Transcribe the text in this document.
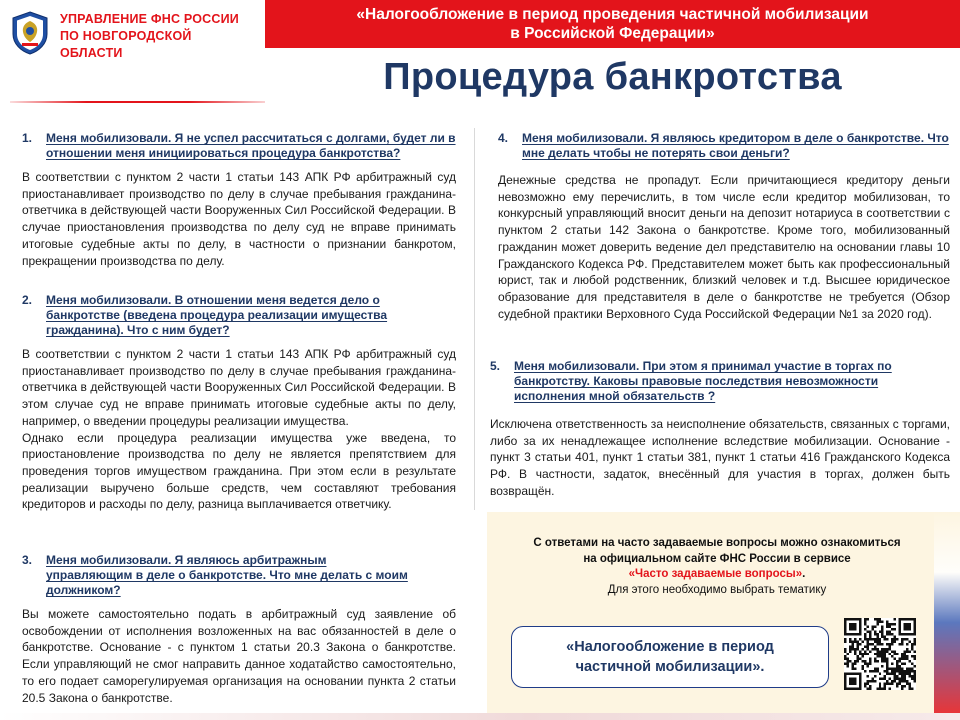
УПРАВЛЕНИЕ ФНС РОССИИ
ПО НОВГОРОДСКОЙ
ОБЛАСТИ
«Налогообложение в период проведения частичной мобилизации
в Российской Федерации»
Процедура банкротства
1.	Меня мобилизовали. Я не успел рассчитаться с долгами, будет ли в отношении меня инициироваться процедура банкротства?

В соответствии с пунктом 2 части 1 статьи 143 АПК РФ арбитражный суд приостанавливает производство по делу в случае пребывания гражданина-ответчика в действующей части Вооруженных Сил Российской Федерации. В случае приостановления производства по делу суд не вправе принимать итоговые судебные акты по делу, в частности о признании банкротом, прекращении производства по делу.

2.	Меня мобилизовали. В отношении меня ведется дело о банкротстве (введена процедура реализации имущества гражданина). Что с ним будет?

В соответствии с пунктом 2 части 1 статьи 143 АПК РФ арбитражный суд приостанавливает производство по делу в случае пребывания гражданина-ответчика в действующей части Вооруженных Сил Российской Федерации. В этом случае суд не вправе принимать итоговые судебные акты по делу, например, о введении процедуры реализации имущества.

Однако если процедура реализации имущества уже введена, то приостановление производства по делу не является препятствием для проведения торгов имуществом гражданина. При этом если в результате реализации выручено больше средств, чем составляют требования кредиторов и расходы по делу, разница выплачивается ответчику.

3.	Меня мобилизовали. Я являюсь арбитражным управляющим в деле о банкротстве. Что мне делать с моим должником?

Вы можете самостоятельно подать в арбитражный суд заявление об освобождении от исполнения возложенных на вас обязанностей в деле о банкротстве. Основание - с пунктом 1 статьи 20.3 Закона о банкротстве. Если управляющий не смог направить данное ходатайство самостоятельно, то его подает саморегулируемая организация на основании пункта 2 статьи 20.5 Закона о банкротстве.

4.	Меня мобилизовали. Я являюсь кредитором в деле о банкротстве. Что мне делать чтобы не потерять свои деньги?

Денежные средства не пропадут. Если причитающиеся кредитору деньги невозможно ему перечислить, в том числе если кредитор мобилизован, то конкурсный управляющий вносит деньги на депозит нотариуса в соответствии с пунктом 2 статьи 142 Закона о банкротстве. Кроме того, мобилизованный гражданин может доверить ведение дел представителю на основании главы 10 Гражданского Кодекса РФ. Представителем может быть как профессиональный юрист, так и любой родственник, близкий человек и т.д. Высшее юридическое образование для представителя в деле о банкротстве не требуется (Обзор судебной практики Верховного Суда Российской Федерации №1 за 2020 год).

5.	Меня мобилизовали. При этом я принимал участие в торгах по банкротству. Каковы правовые последствия невозможности исполнения мной обязательств ?

Исключена ответственность за неисполнение обязательств, связанных с торгами, либо за их ненадлежащее исполнение вследствие мобилизации. Основание - пункт 3 статьи 401, пункт 1 статьи 381, пункт 1 статьи 416 Гражданского Кодекса РФ. В частности, задаток, внесённый для участия в торгах, должен быть возвращён.

С ответами на часто задаваемые вопросы можно ознакомиться
на официальном сайте ФНС России в сервисе
«Часто задаваемые вопросы».
Для этого необходимо выбрать тематику
«Налогообложение в период частичной мобилизации».
